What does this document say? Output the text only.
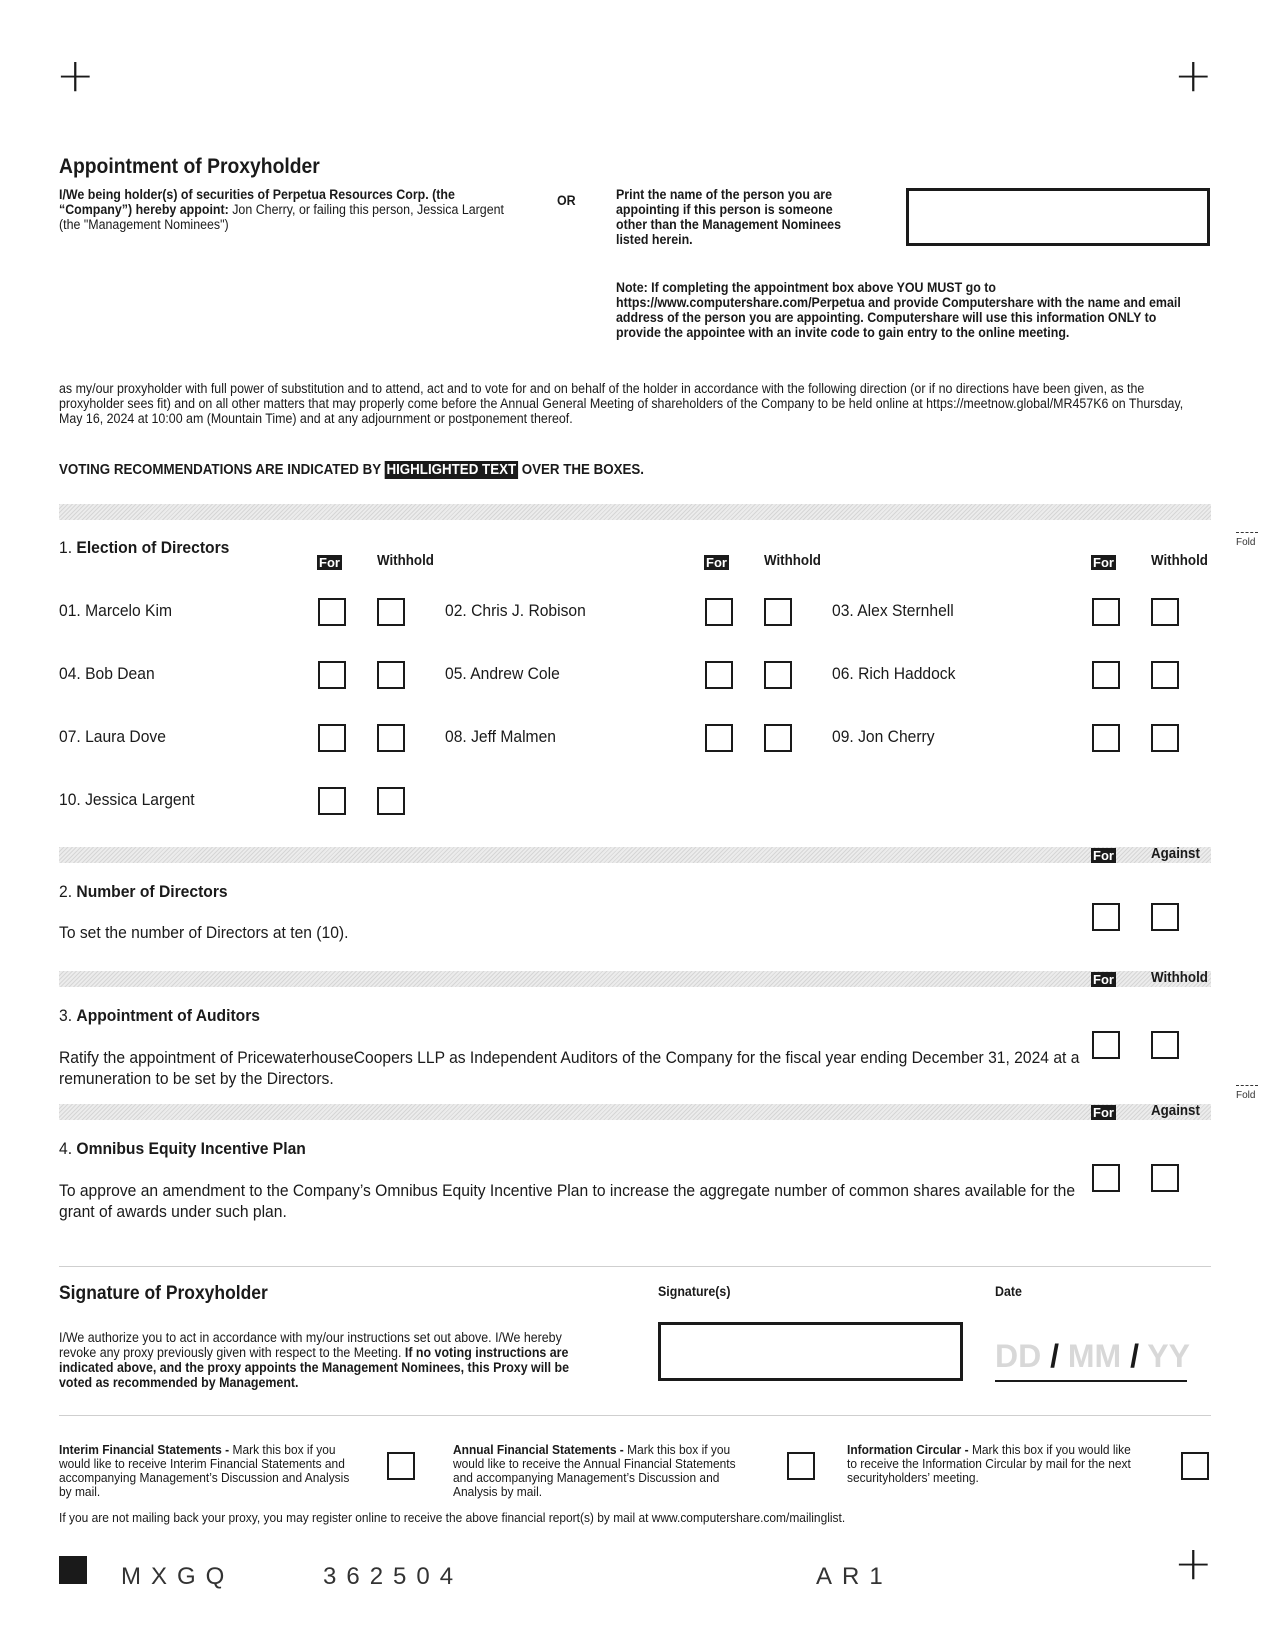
+	+
+
Appointment of Proxyholder
I/We being holder(s) of securities of Perpetua Resources Corp. (the “Company”) hereby appoint: Jon Cherry, or failing this person, Jessica Largent (the "Management Nominees")
OR	Print the name of the person you are appointing if this person is someone other than the Management Nominees listed herein.
Note: If completing the appointment box above YOU MUST go to https://www.computershare.com/Perpetua and provide Computershare with the name and email address of the person you are appointing. Computershare will use this information ONLY to provide the appointee with an invite code to gain entry to the online meeting.
as my/our proxyholder with full power of substitution and to attend, act and to vote for and on behalf of the holder in accordance with the following direction (or if no directions have been given, as the proxyholder sees fit) and on all other matters that may properly come before the Annual General Meeting of shareholders of the Company to be held online at https://meetnow.global/MR457K6 on Thursday, May 16, 2024 at 10:00 am (Mountain Time) and at any adjournment or postponement thereof.
VOTING RECOMMENDATIONS ARE INDICATED BY HIGHLIGHTED TEXT OVER THE BOXES.
Fold
1. Election of Directors
For	Withhold	For	Withhold	For	Withhold
01. Marcelo Kim	02. Chris J. Robison	03. Alex Sternhell
04. Bob Dean	05. Andrew Cole	06. Rich Haddock
07. Laura Dove	08. Jeff Malmen	09. Jon Cherry
10. Jessica Largent
For	Against
2. Number of Directors
To set the number of Directors at ten (10).
For	Withhold
3. Appointment of Auditors
Ratify the appointment of PricewaterhouseCoopers LLP as Independent Auditors of the Company for the fiscal year ending December 31, 2024 at a remuneration to be set by the Directors.
Fold
For	Against
4. Omnibus Equity Incentive Plan
To approve an amendment to the Company’s Omnibus Equity Incentive Plan to increase the aggregate number of common shares available for the grant of awards under such plan.
Signature of Proxyholder
I/We authorize you to act in accordance with my/our instructions set out above. I/We hereby revoke any proxy previously given with respect to the Meeting. If no voting instructions are indicated above, and the proxy appoints the Management Nominees, this Proxy will be voted as recommended by Management.
Signature(s)	Date
DD / MM / YY
Interim Financial Statements - Mark this box if you would like to receive Interim Financial Statements and accompanying Management’s Discussion and Analysis by mail.
Annual Financial Statements - Mark this box if you would like to receive the Annual Financial Statements and accompanying Management’s Discussion and Analysis by mail.
Information Circular - Mark this box if you would like to receive the Information Circular by mail for the next securityholders’ meeting.
If you are not mailing back your proxy, you may register online to receive the above financial report(s) by mail at www.computershare.com/mailinglist.
MXGQ	362504	AR1
